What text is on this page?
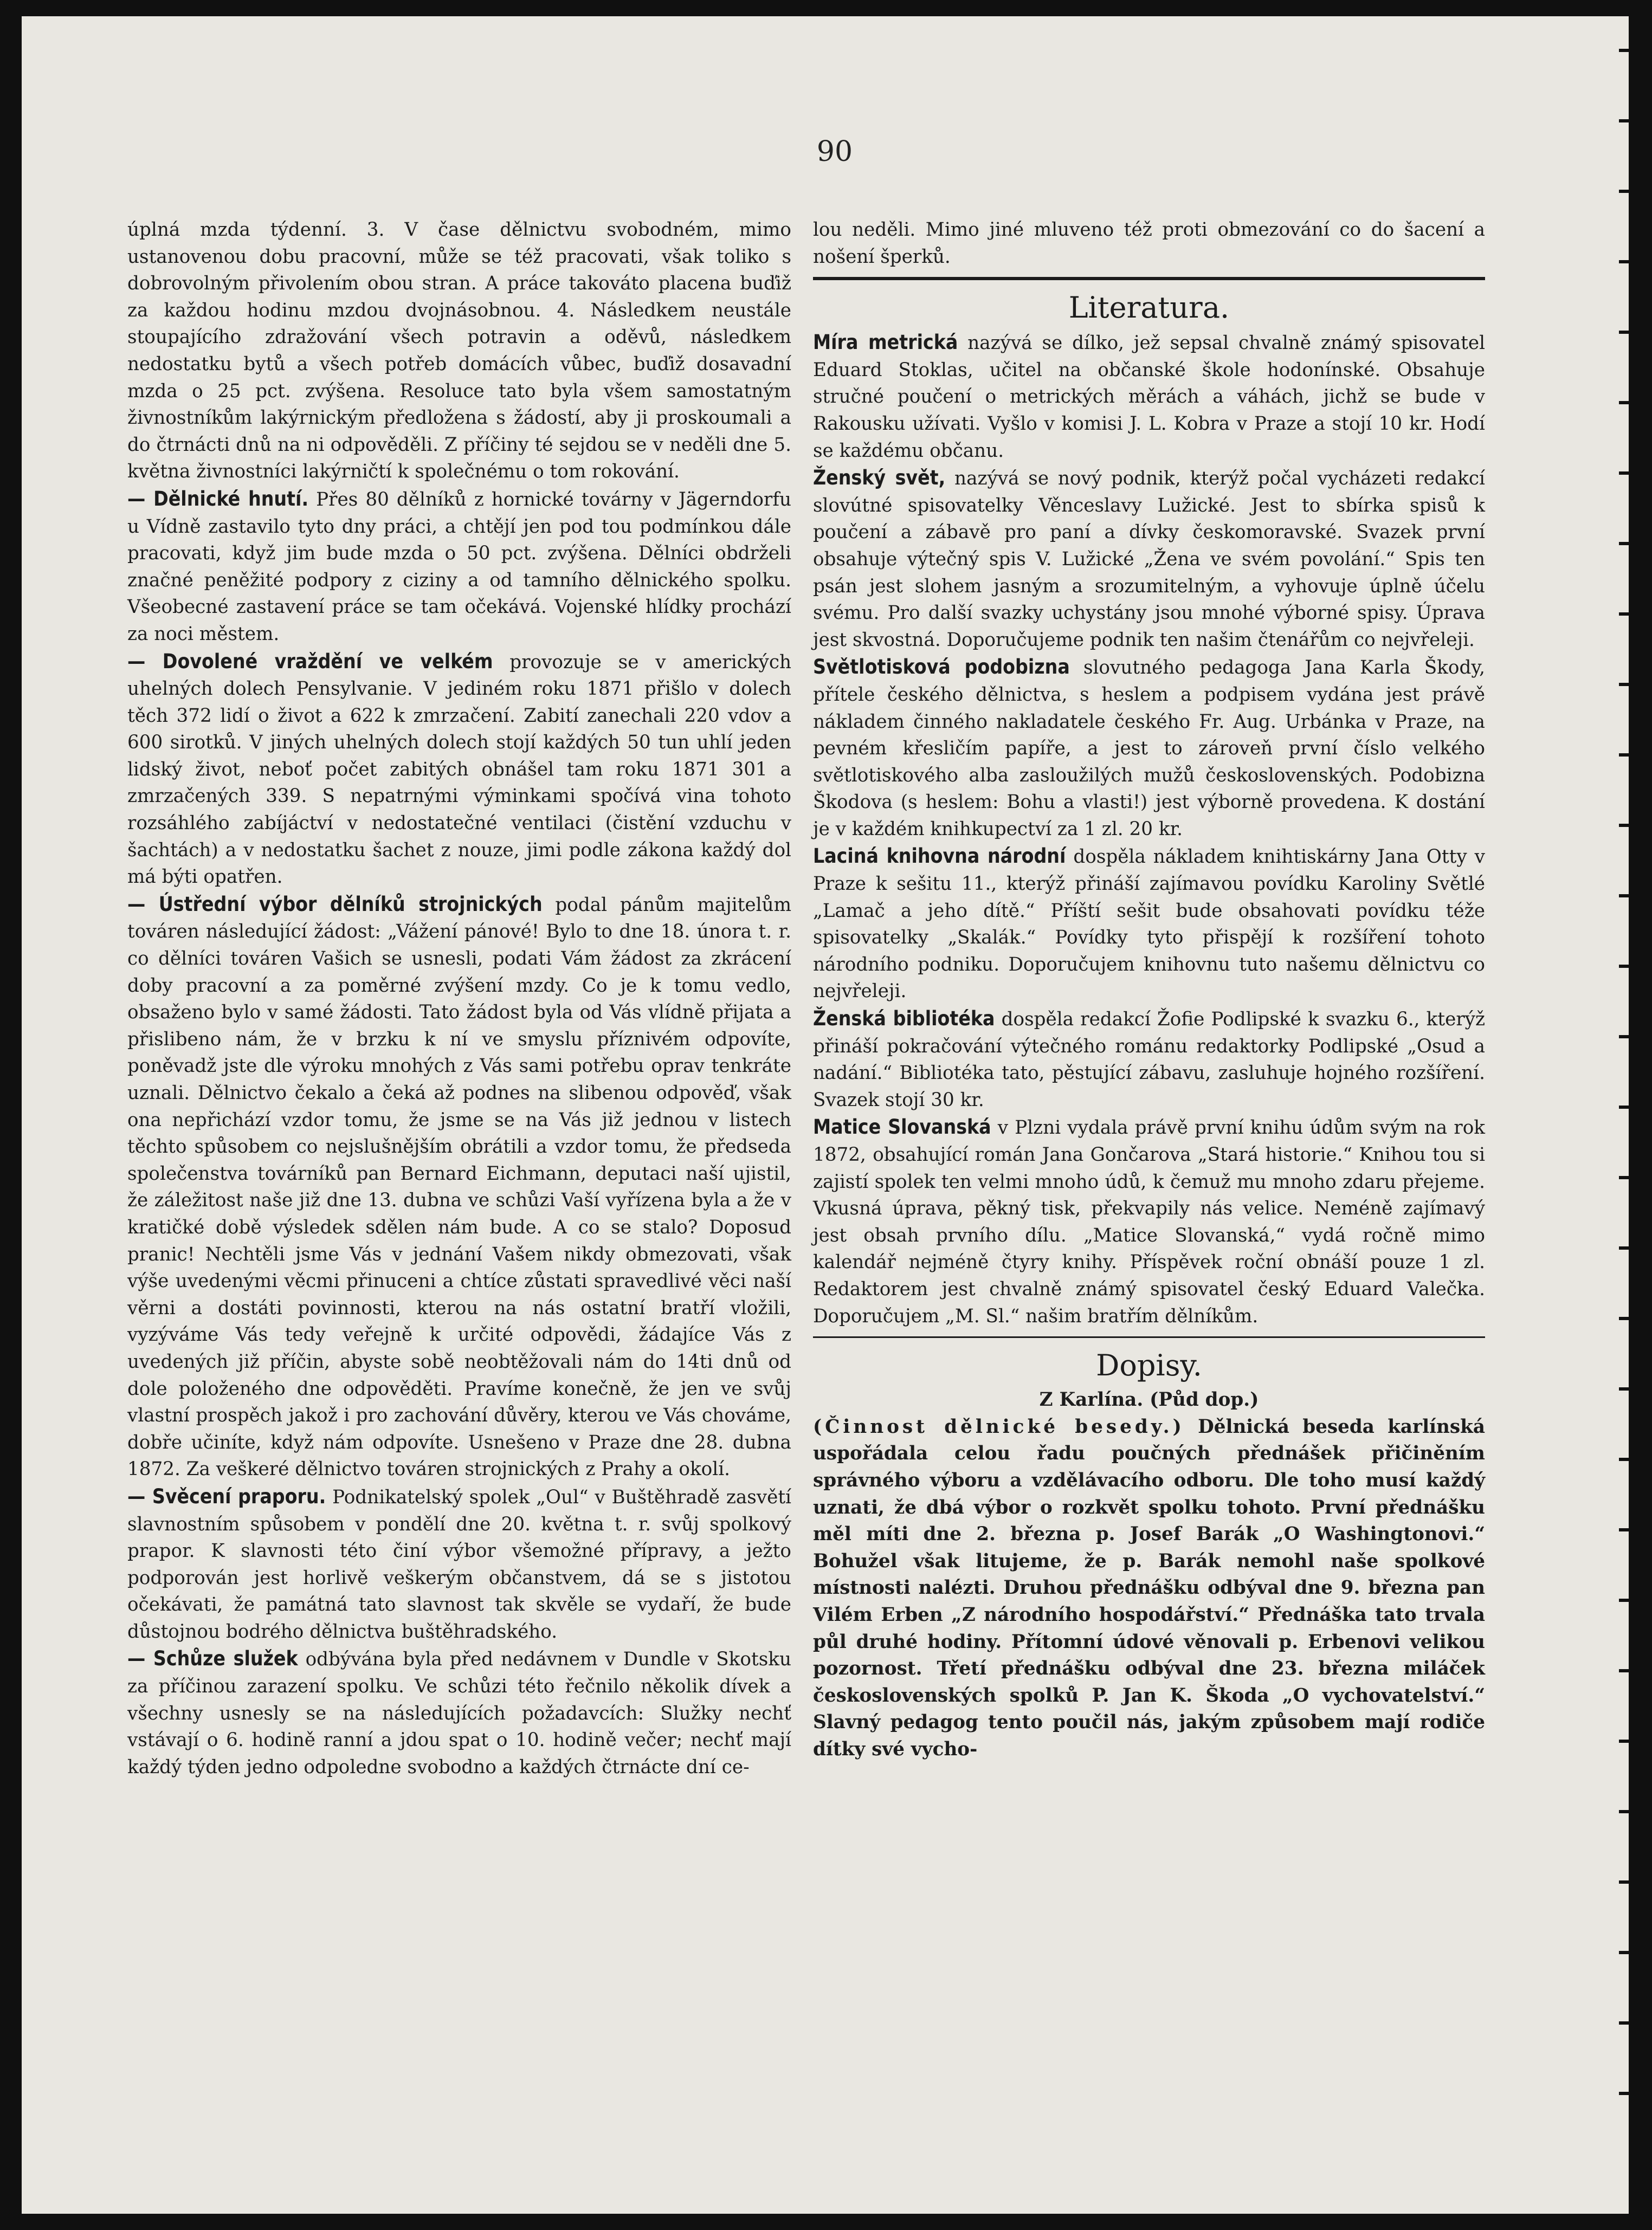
90

úplná mzda týdenní. 3. V čase dělnictvu svobodném, mimo ustanovenou dobu pracovní, může se též pracovati, však toliko s dobrovolným přivolením obou stran. A práce takováto placena buďiž za každou hodinu mzdou dvojnásobnou. 4. Následkem neustále stoupajícího zdražování všech potravin a oděvů, následkem nedostatku bytů a všech potřeb domácích vůbec, buďiž dosavadní mzda o 25 pct. zvýšena. Resoluce tato byla všem samostatným živnostníkům lakýrnickým předložena s žádostí, aby ji proskoumali a do čtrnácti dnů na ni odpověděli. Z příčiny té sejdou se v neděli dne 5. května živnostníci lakýrničtí k společnému o tom rokování.

— Dělnické hnutí. Přes 80 dělníků z hornické továrny v Jägerndorfu u Vídně zastavilo tyto dny práci, a chtějí jen pod tou podmínkou dále pracovati, když jim bude mzda o 50 pct. zvýšena. Dělníci obdrželi značné peněžité podpory z ciziny a od tamního dělnického spolku. Všeobecné zastavení práce se tam očekává. Vojenské hlídky prochází za noci městem.

— Dovolené vraždění ve velkém provozuje se v amerických uhelných dolech Pensylvanie. V jediném roku 1871 přišlo v dolech těch 372 lidí o život a 622 k zmrzačení. Zabití zanechali 220 vdov a 600 sirotků. V jiných uhelných dolech stojí každých 50 tun uhlí jeden lidský život, neboť počet zabitých obnášel tam roku 1871 301 a zmrzačených 339. S nepatrnými výminkami spočívá vina tohoto rozsáhlého zabíjáctví v nedostatečné ventilaci (čistění vzduchu v šachtách) a v nedostatku šachet z nouze, jimi podle zákona každý dol má býti opatřen.

— Ústřední výbor dělníků strojnických podal pánům majitelům továren následující žádost: „Vážení pánové! Bylo to dne 18. února t. r. co dělníci továren Vašich se usnesli, podati Vám žádost za zkrácení doby pracovní a za poměrné zvýšení mzdy. Co je k tomu vedlo, obsaženo bylo v samé žádosti. Tato žádost byla od Vás vlídně přijata a přislibeno nám, že v brzku k ní ve smyslu příznivém odpovíte, poněvadž jste dle výroku mnohých z Vás sami potřebu oprav tenkráte uznali. Dělnictvo čekalo a čeká až podnes na slibenou odpověď, však ona nepřichází vzdor tomu, že jsme se na Vás již jednou v listech těchto spůsobem co nejslušnějším obrátili a vzdor tomu, že předseda společenstva továrníků pan Bernard Eichmann, deputaci naší ujistil, že záležitost naše již dne 13. dubna ve schůzi Vaší vyřízena byla a že v kratičké době výsledek sdělen nám bude. A co se stalo? Doposud pranic! Nechtěli jsme Vás v jednání Vašem nikdy obmezovati, však výše uvedenými věcmi přinuceni a chtíce zůstati spravedlivé věci naší věrni a dostáti povinnosti, kterou na nás ostatní bratří vložili, vyzýváme Vás tedy veřejně k určité odpovědi, žádajíce Vás z uvedených již příčin, abyste sobě neobtěžovali nám do 14ti dnů od dole položeného dne odpověděti. Pravíme konečně, že jen ve svůj vlastní prospěch jakož i pro zachování důvěry, kterou ve Vás chováme, dobře učiníte, když nám odpovíte. Usnešeno v Praze dne 28. dubna 1872. Za veškeré dělnictvo továren strojnických z Prahy a okolí.

— Svěcení praporu. Podnikatelský spolek „Oul“ v Buštěhradě zasvětí slavnostním spůsobem v pondělí dne 20. května t. r. svůj spolkový prapor. K slavnosti této činí výbor všemožné přípravy, a ježto podporován jest horlivě veškerým občanstvem, dá se s jistotou očekávati, že památná tato slavnost tak skvěle se vydaří, že bude důstojnou bodrého dělnictva buštěhradského.

— Schůze služek odbývána byla před nedávnem v Dundle v Skotsku za příčinou zarazení spolku. Ve schůzi této řečnilo několik dívek a všechny usnesly se na následujících požadavcích: Služky nechť vstávají o 6. hodině ranní a jdou spat o 10. hodině večer; nechť mají každý týden jedno odpoledne svobodno a každých čtrnácte dní ce-

lou neděli. Mimo jiné mluveno též proti obmezování co do šacení a nošení šperků.

Literatura.

Míra metrická nazývá se dílko, jež sepsal chvalně známý spisovatel Eduard Stoklas, učitel na občanské škole hodonínské. Obsahuje stručné poučení o metrických měrách a váhách, jichž se bude v Rakousku užívati. Vyšlo v komisi J. L. Kobra v Praze a stojí 10 kr. Hodí se každému občanu.

Ženský svět, nazývá se nový podnik, kterýž počal vycházeti redakcí slovútné spisovatelky Věnceslavy Lužické. Jest to sbírka spisů k poučení a zábavě pro paní a dívky českomoravské. Svazek první obsahuje výtečný spis V. Lužické „Žena ve svém povolání.“ Spis ten psán jest slohem jasným a srozumitelným, a vyhovuje úplně účelu svému. Pro další svazky uchystány jsou mnohé výborné spisy. Úprava jest skvostná. Doporučujeme podnik ten našim čtenářům co nejvřeleji.

Světlotisková podobizna slovutného pedagoga Jana Karla Škody, přítele českého dělnictva, s heslem a podpisem vydána jest právě nákladem činného nakladatele českého Fr. Aug. Urbánka v Praze, na pevném křesličím papíře, a jest to zároveň první číslo velkého světlotiskového alba zasloužilých mužů československých. Podobizna Škodova (s heslem: Bohu a vlasti!) jest výborně provedena. K dostání je v každém knihkupectví za 1 zl. 20 kr.

Laciná knihovna národní dospěla nákladem knihtiskárny Jana Otty v Praze k sešitu 11., kterýž přináší zajímavou povídku Karoliny Světlé „Lamač a jeho dítě.“ Příští sešit bude obsahovati povídku téže spisovatelky „Skalák.“ Povídky tyto přispějí k rozšíření tohoto národního podniku. Doporučujem knihovnu tuto našemu dělnictvu co nejvřeleji.

Ženská bibliotéka dospěla redakcí Žofie Podlipské k svazku 6., kterýž přináší pokračování výtečného románu redaktorky Podlipské „Osud a nadání.“ Bibliotéka tato, pěstující zábavu, zasluhuje hojného rozšíření. Svazek stojí 30 kr.

Matice Slovanská v Plzni vydala právě první knihu údům svým na rok 1872, obsahující román Jana Gončarova „Stará historie.“ Knihou tou si zajistí spolek ten velmi mnoho údů, k čemuž mu mnoho zdaru přejeme. Vkusná úprava, pěkný tisk, překvapily nás velice. Neméně zajímavý jest obsah prvního dílu. „Matice Slovanská,“ vydá ročně mimo kalendář nejméně čtyry knihy. Příspěvek roční obnáší pouze 1 zl. Redaktorem jest chvalně známý spisovatel český Eduard Valečka. Doporučujem „M. Sl.“ našim bratřím dělníkům.

Dopisy.

Z Karlína. (Půd dop.)

(Činnost dělnické besedy.) Dělnická beseda karlínská uspořádala celou řadu poučných přednášek přičiněním správného výboru a vzdělávacího odboru. Dle toho musí každý uznati, že dbá výbor o rozkvět spolku tohoto. První přednášku měl míti dne 2. března p. Josef Barák „O Washingtonovi.“ Bohužel však litujeme, že p. Barák nemohl naše spolkové místnosti nalézti. Druhou přednášku odbýval dne 9. března pan Vilém Erben „Z národního hospodářství.“ Přednáška tato trvala půl druhé hodiny. Přítomní údové věnovali p. Erbenovi velikou pozornost. Třetí přednášku odbýval dne 23. března miláček československých spolků P. Jan K. Škoda „O vychovatelství.“ Slavný pedagog tento poučil nás, jakým způsobem mají rodiče dítky své vycho-
